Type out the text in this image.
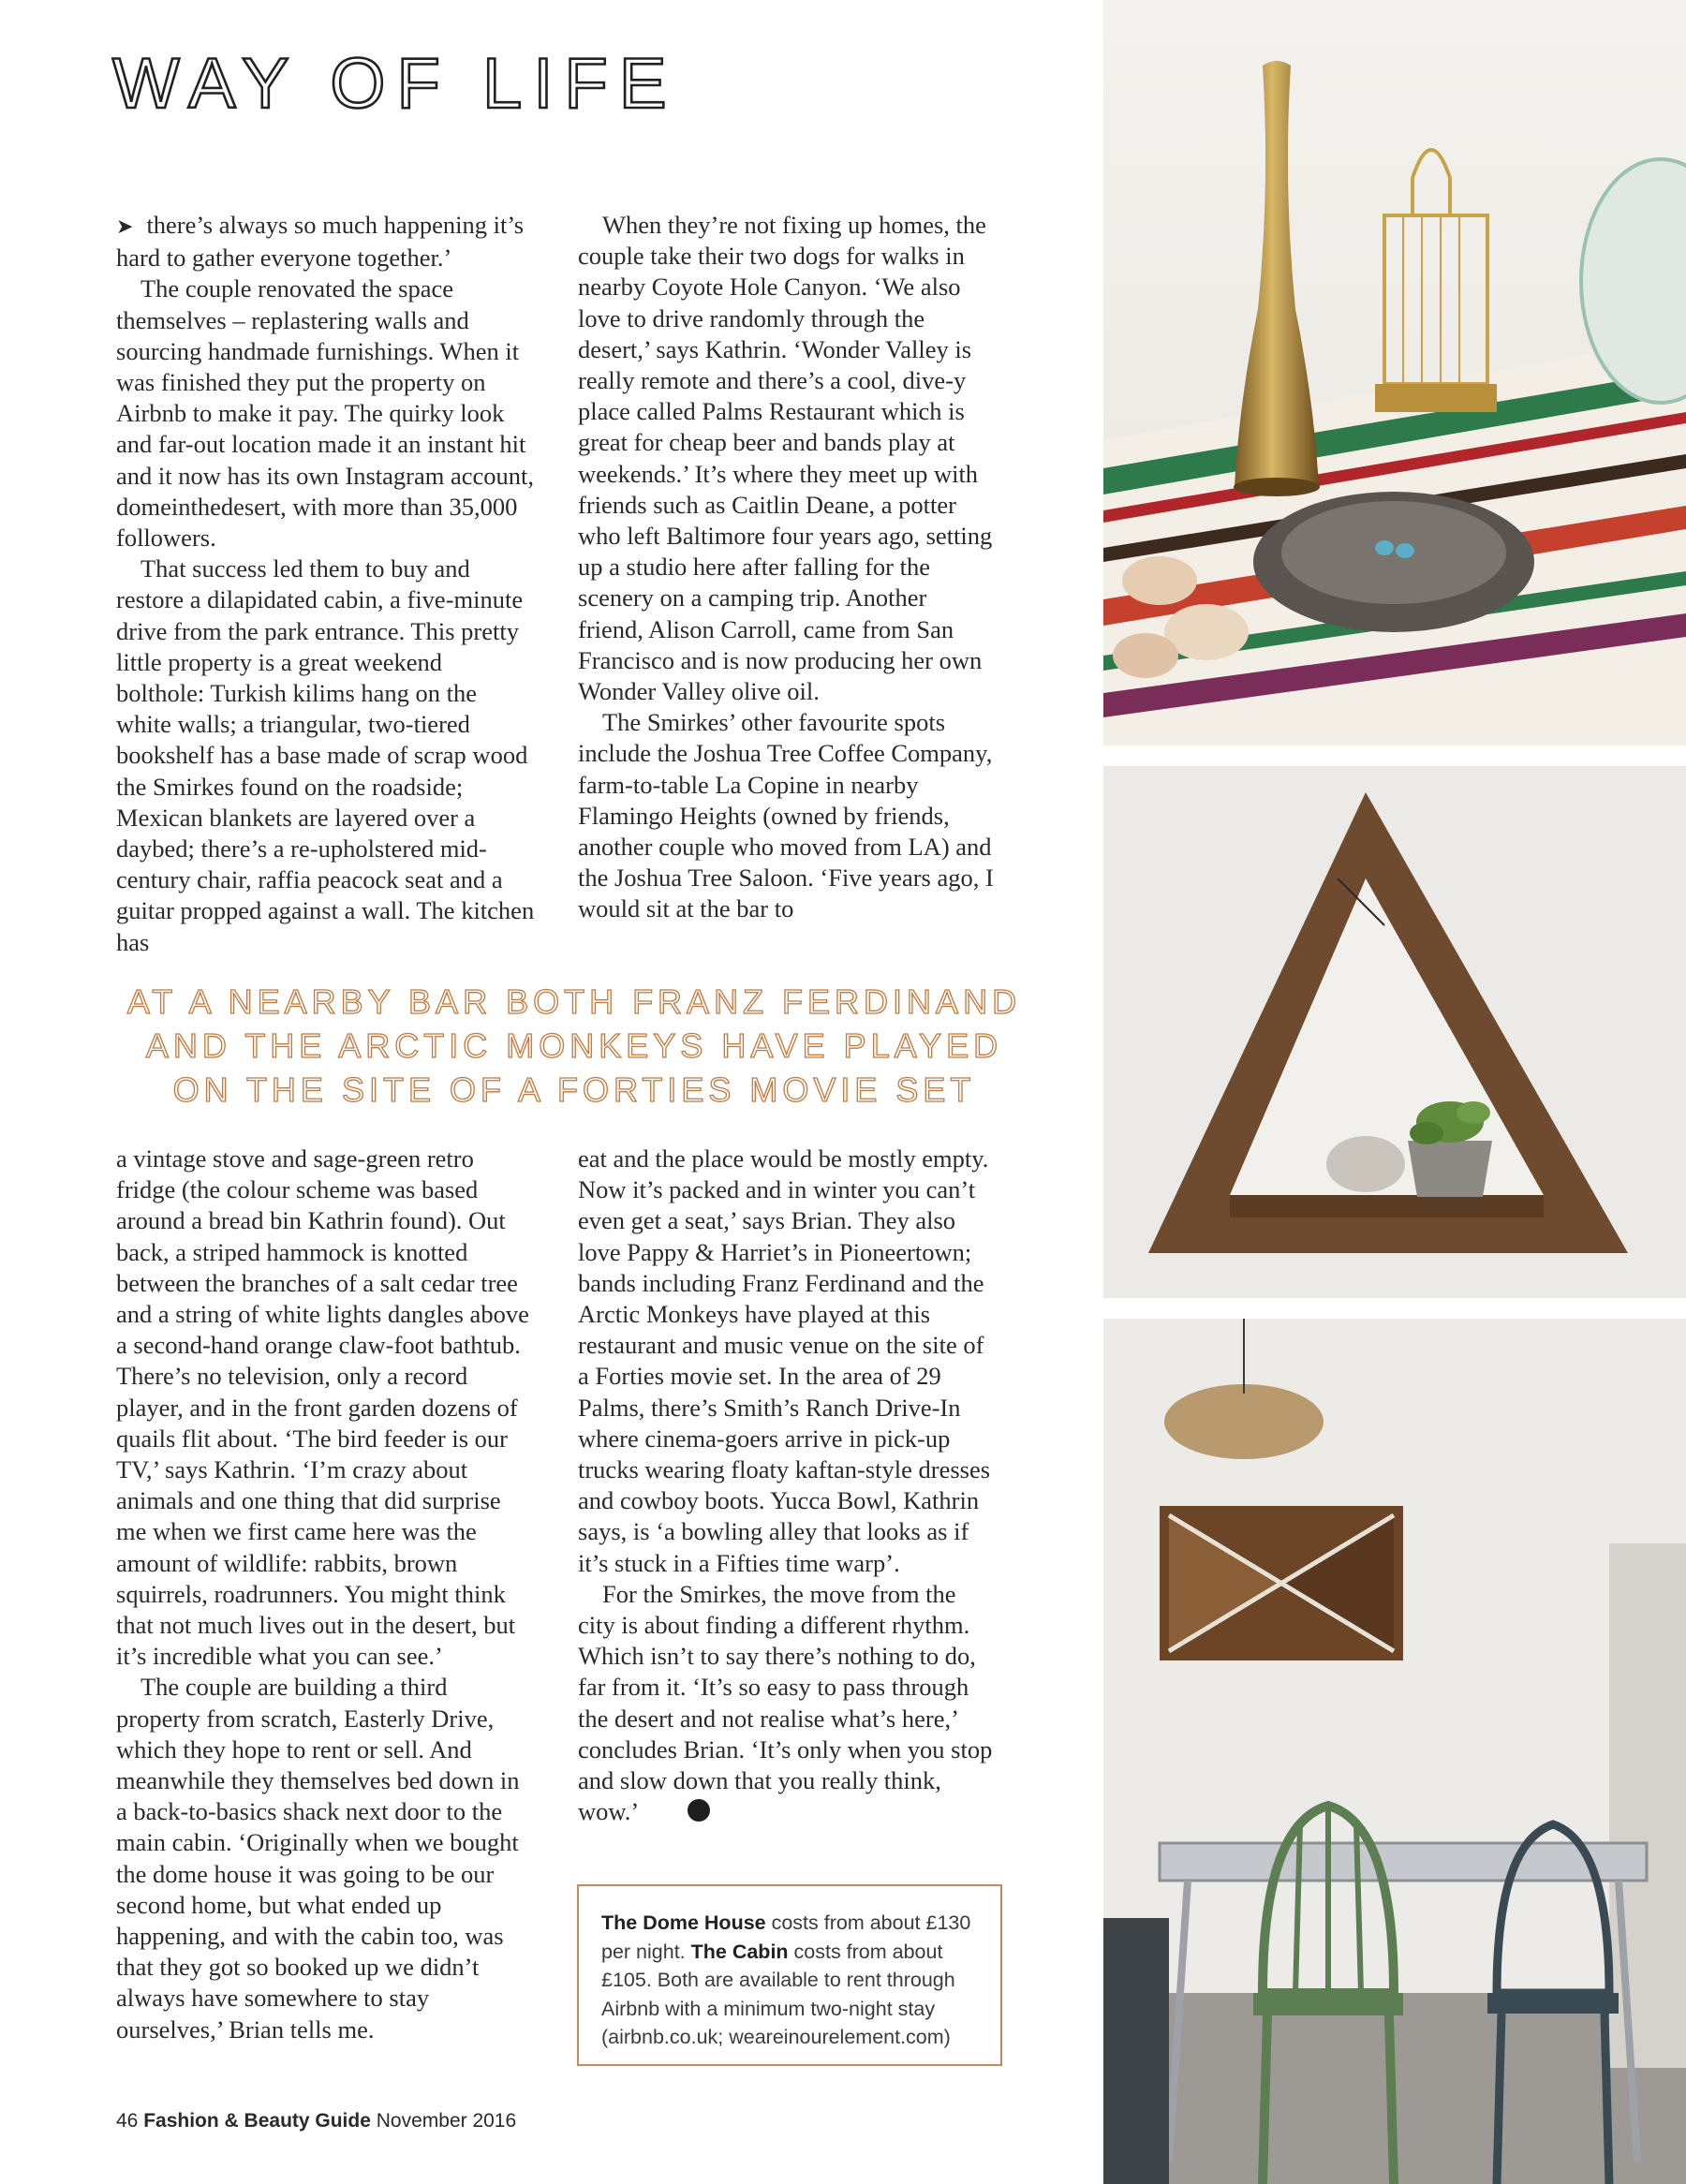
WAY OF LIFE

➤ there’s always so much happening it’s hard to gather everyone together.’

The couple renovated the space themselves – replastering walls and sourcing handmade furnishings. When it was finished they put the property on Airbnb to make it pay. The quirky look and far-out location made it an instant hit and it now has its own Instagram account, domeinthedesert, with more than 35,000 followers.

That success led them to buy and restore a dilapidated cabin, a five-minute drive from the park entrance. This pretty little property is a great weekend bolthole: Turkish kilims hang on the white walls; a triangular, two-tiered bookshelf has a base made of scrap wood the Smirkes found on the roadside; Mexican blankets are layered over a daybed; there’s a re-upholstered mid-century chair, raffia peacock seat and a guitar propped against a wall. The kitchen has

When they’re not fixing up homes, the couple take their two dogs for walks in nearby Coyote Hole Canyon. ‘We also love to drive randomly through the desert,’ says Kathrin. ‘Wonder Valley is really remote and there’s a cool, dive-y place called Palms Restaurant which is great for cheap beer and bands play at weekends.’ It’s where they meet up with friends such as Caitlin Deane, a potter who left Baltimore four years ago, setting up a studio here after falling for the scenery on a camping trip. Another friend, Alison Carroll, came from San Francisco and is now producing her own Wonder Valley olive oil.

The Smirkes’ other favourite spots include the Joshua Tree Coffee Company, farm-to-table La Copine in nearby Flamingo Heights (owned by friends, another couple who moved from LA) and the Joshua Tree Saloon. ‘Five years ago, I would sit at the bar to

AT A NEARBY BAR BOTH FRANZ FERDINAND
AND THE ARCTIC MONKEYS HAVE PLAYED
ON THE SITE OF A FORTIES MOVIE SET

a vintage stove and sage-green retro fridge (the colour scheme was based around a bread bin Kathrin found). Out back, a striped hammock is knotted between the branches of a salt cedar tree and a string of white lights dangles above a second-hand orange claw-foot bathtub. There’s no television, only a record player, and in the front garden dozens of quails flit about. ‘The bird feeder is our TV,’ says Kathrin. ‘I’m crazy about animals and one thing that did surprise me when we first came here was the amount of wildlife: rabbits, brown squirrels, roadrunners. You might think that not much lives out in the desert, but it’s incredible what you can see.’

The couple are building a third property from scratch, Easterly Drive, which they hope to rent or sell. And meanwhile they themselves bed down in a back-to-basics shack next door to the main cabin. ‘Originally when we bought the dome house it was going to be our second home, but what ended up happening, and with the cabin too, was that they got so booked up we didn’t always have somewhere to stay ourselves,’ Brian tells me.

eat and the place would be mostly empty. Now it’s packed and in winter you can’t even get a seat,’ says Brian. They also love Pappy & Harriet’s in Pioneertown; bands including Franz Ferdinand and the Arctic Monkeys have played at this restaurant and music venue on the site of a Forties movie set. In the area of 29 Palms, there’s Smith’s Ranch Drive-In where cinema-goers arrive in pick-up trucks wearing floaty kaftan-style dresses and cowboy boots. Yucca Bowl, Kathrin says, is ‘a bowling alley that looks as if it’s stuck in a Fifties time warp’.

For the Smirkes, the move from the city is about finding a different rhythm. Which isn’t to say there’s nothing to do, far from it. ‘It’s so easy to pass through the desert and not realise what’s here,’ concludes Brian. ‘It’s only when you stop and slow down that you really think, wow.’	T

The Dome House costs from about £130 per night. The Cabin costs from about £105. Both are available to rent through Airbnb with a minimum two-night stay (airbnb.co.uk; weareinourelement.com)
46 Fashion & Beauty Guide November 2016
